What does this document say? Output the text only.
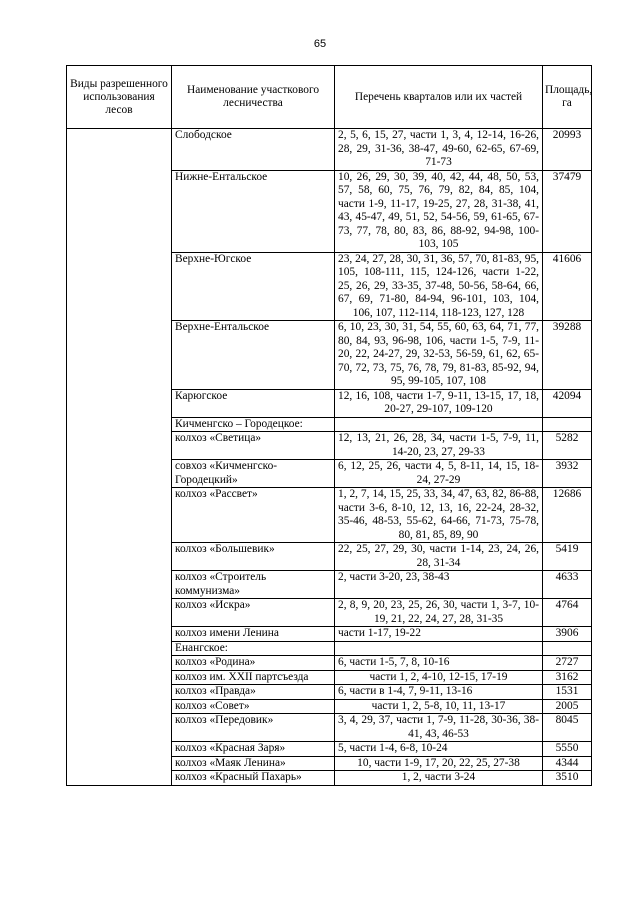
65
Виды разрешенного использования лесов	Наименование участкового лесничества	Перечень кварталов или их частей	Площадь, га
	Слободское	2, 5, 6, 15, 27, части 1, 3, 4, 12-14, 16-26, 28, 29, 31-36, 38-47, 49-60, 62-65, 67-69, 71-73	20993
	Нижне-Ентальское	10, 26, 29, 30, 39, 40, 42, 44, 48, 50, 53, 57, 58, 60, 75, 76, 79, 82, 84, 85, 104, части 1-9, 11-17, 19-25, 27, 28, 31-38, 41, 43, 45-47, 49, 51, 52, 54-56, 59, 61-65, 67-73, 77, 78, 80, 83, 86, 88-92, 94-98, 100-103, 105	37479
	Верхне-Югское	23, 24, 27, 28, 30, 31, 36, 57, 70, 81-83, 95, 105, 108-111, 115, 124-126, части 1-22, 25, 26, 29, 33-35, 37-48, 50-56, 58-64, 66, 67, 69, 71-80, 84-94, 96-101, 103, 104, 106, 107, 112-114, 118-123, 127, 128	41606
	Верхне-Ентальское	6, 10, 23, 30, 31, 54, 55, 60, 63, 64, 71, 77, 80, 84, 93, 96-98, 106, части 1-5, 7-9, 11-20, 22, 24-27, 29, 32-53, 56-59, 61, 62, 65-70, 72, 73, 75, 76, 78, 79, 81-83, 85-92, 94, 95, 99-105, 107, 108	39288
	Карюгское	12, 16, 108, части 1-7, 9-11, 13-15, 17, 18, 20-27, 29-107, 109-120	42094
	Кичменгско – Городецкое:		
	колхоз «Светица»	12, 13, 21, 26, 28, 34, части 1-5, 7-9, 11, 14-20, 23, 27, 29-33	5282
	совхоз «Кичменгско-Городецкий»	6, 12, 25, 26, части 4, 5, 8-11, 14, 15, 18-24, 27-29	3932
	колхоз «Рассвет»	1, 2, 7, 14, 15, 25, 33, 34, 47, 63, 82, 86-88, части 3-6, 8-10, 12, 13, 16, 22-24, 28-32, 35-46, 48-53, 55-62, 64-66, 71-73, 75-78, 80, 81, 85, 89, 90	12686
	колхоз «Большевик»	22, 25, 27, 29, 30, части 1-14, 23, 24, 26, 28, 31-34	5419
	колхоз «Строитель коммунизма»	2, части 3-20, 23, 38-43	4633
	колхоз «Искра»	2, 8, 9, 20, 23, 25, 26, 30, части 1, 3-7, 10-19, 21, 22, 24, 27, 28, 31-35	4764
	колхоз имени Ленина	части 1-17, 19-22	3906
	Енангское:		
	колхоз «Родина»	6, части 1-5, 7, 8, 10-16	2727
	колхоз им. XXII партсъезда	части 1, 2, 4-10, 12-15, 17-19	3162
	колхоз «Правда»	6, части в 1-4, 7, 9-11, 13-16	1531
	колхоз «Совет»	части 1, 2, 5-8, 10, 11, 13-17	2005
	колхоз «Передовик»	3, 4, 29, 37, части 1, 7-9, 11-28, 30-36, 38-41, 43, 46-53	8045
	колхоз «Красная Заря»	5, части 1-4, 6-8, 10-24	5550
	колхоз «Маяк Ленина»	10, части 1-9, 17, 20, 22, 25, 27-38	4344
	колхоз «Красный Пахарь»	1, 2, части 3-24	3510
